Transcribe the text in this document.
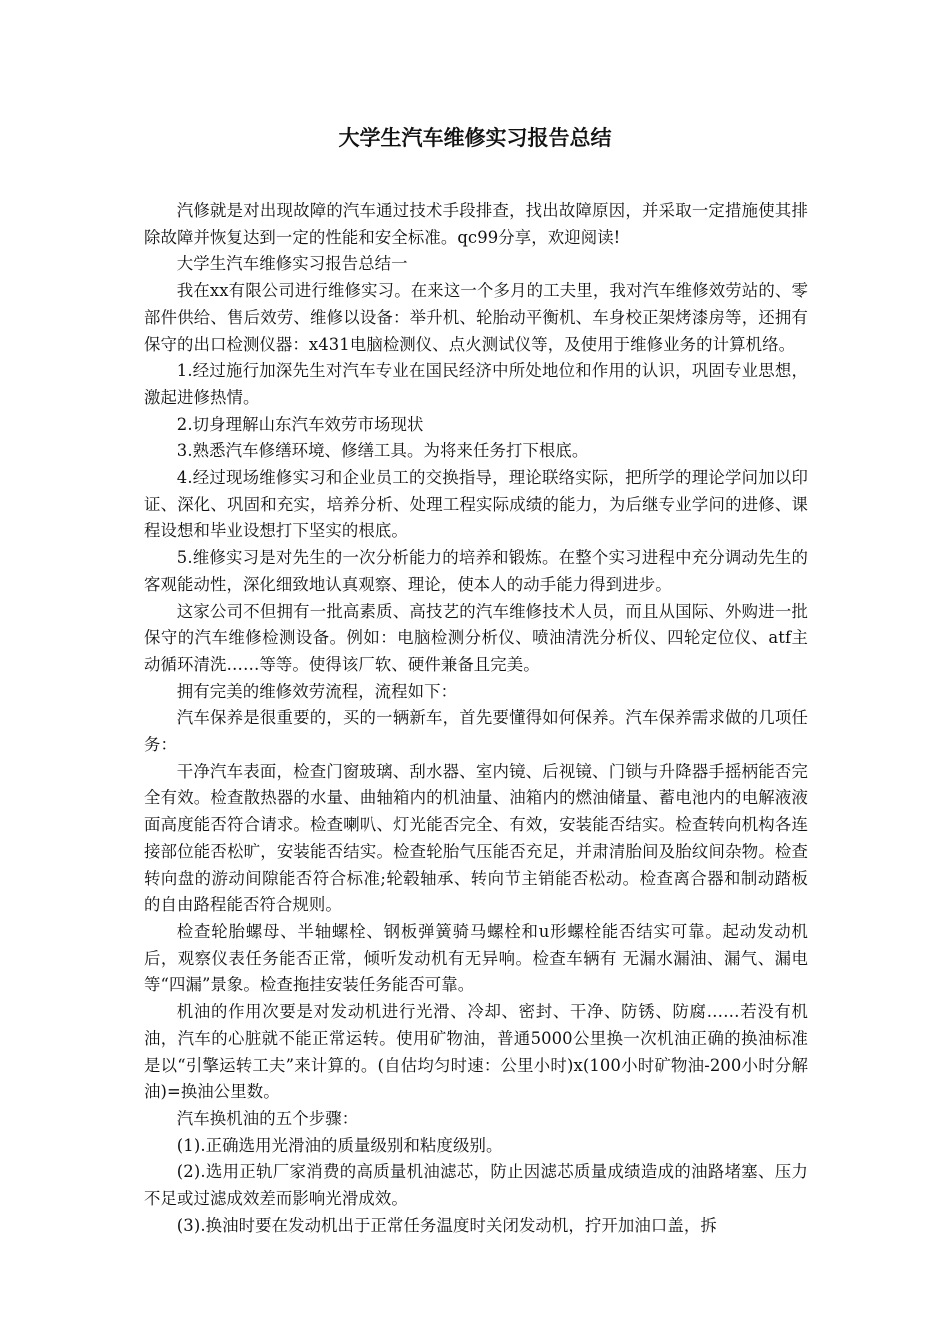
大学生汽车维修实习报告总结

汽修就是对出现故障的汽车通过技术手段排查，找出故障原因，并采取一定措施使其排除故障并恢复达到一定的性能和安全标准。qc99分享，欢迎阅读!

大学生汽车维修实习报告总结一

我在xx有限公司进行维修实习。在来这一个多月的工夫里，我对汽车维修效劳站的、零部件供给、售后效劳、维修以设备：举升机、轮胎动平衡机、车身校正架烤漆房等，还拥有保守的出口检测仪器：x431电脑检测仪、点火测试仪等，及使用于维修业务的计算机络。

1.经过施行加深先生对汽车专业在国民经济中所处地位和作用的认识，巩固专业思想，激起进修热情。

2.切身理解山东汽车效劳市场现状

3.熟悉汽车修缮环境、修缮工具。为将来任务打下根底。

4.经过现场维修实习和企业员工的交换指导，理论联络实际，把所学的理论学问加以印证、深化、巩固和充实，培养分析、处理工程实际成绩的能力，为后继专业学问的进修、课程设想和毕业设想打下坚实的根底。

5.维修实习是对先生的一次分析能力的培养和锻炼。在整个实习进程中充分调动先生的客观能动性，深化细致地认真观察、理论，使本人的动手能力得到进步。

这家公司不但拥有一批高素质、高技艺的汽车维修技术人员，而且从国际、外购进一批保守的汽车维修检测设备。例如：电脑检测分析仪、喷油清洗分析仪、四轮定位仪、atf主动循环清洗……等等。使得该厂软、硬件兼备且完美。

拥有完美的维修效劳流程，流程如下：

汽车保养是很重要的，买的一辆新车，首先要懂得如何保养。汽车保养需求做的几项任务：

干净汽车表面，检查门窗玻璃、刮水器、室内镜、后视镜、门锁与升降器手摇柄能否完全有效。检查散热器的水量、曲轴箱内的机油量、油箱内的燃油储量、蓄电池内的电解液液面高度能否符合请求。检查喇叭、灯光能否完全、有效，安装能否结实。检查转向机构各连接部位能否松旷，安装能否结实。检查轮胎气压能否充足，并肃清胎间及胎纹间杂物。检查转向盘的游动间隙能否符合标准;轮毂轴承、转向节主销能否松动。检查离合器和制动踏板的自由路程能否符合规则。

检查轮胎螺母、半轴螺栓、钢板弹簧骑马螺栓和u形螺栓能否结实可靠。起动发动机后，观察仪表任务能否正常，倾听发动机有无异响。检查车辆有 无漏水漏油、漏气、漏电等“四漏”景象。检查拖挂安装任务能否可靠。

机油的作用次要是对发动机进行光滑、冷却、密封、干净、防锈、防腐……若没有机油，汽车的心脏就不能正常运转。使用矿物油，普通5000公里换一次机油正确的换油标准是以“引擎运转工夫”来计算的。(自估均匀时速：公里小时)x(100小时矿物油-200小时分解油)=换油公里数。

汽车换机油的五个步骤：

(1).正确选用光滑油的质量级别和粘度级别。

(2).选用正轨厂家消费的高质量机油滤芯，防止因滤芯质量成绩造成的油路堵塞、压力不足或过滤成效差而影响光滑成效。

(3).换油时要在发动机出于正常任务温度时关闭发动机，拧开加油口盖，拆
